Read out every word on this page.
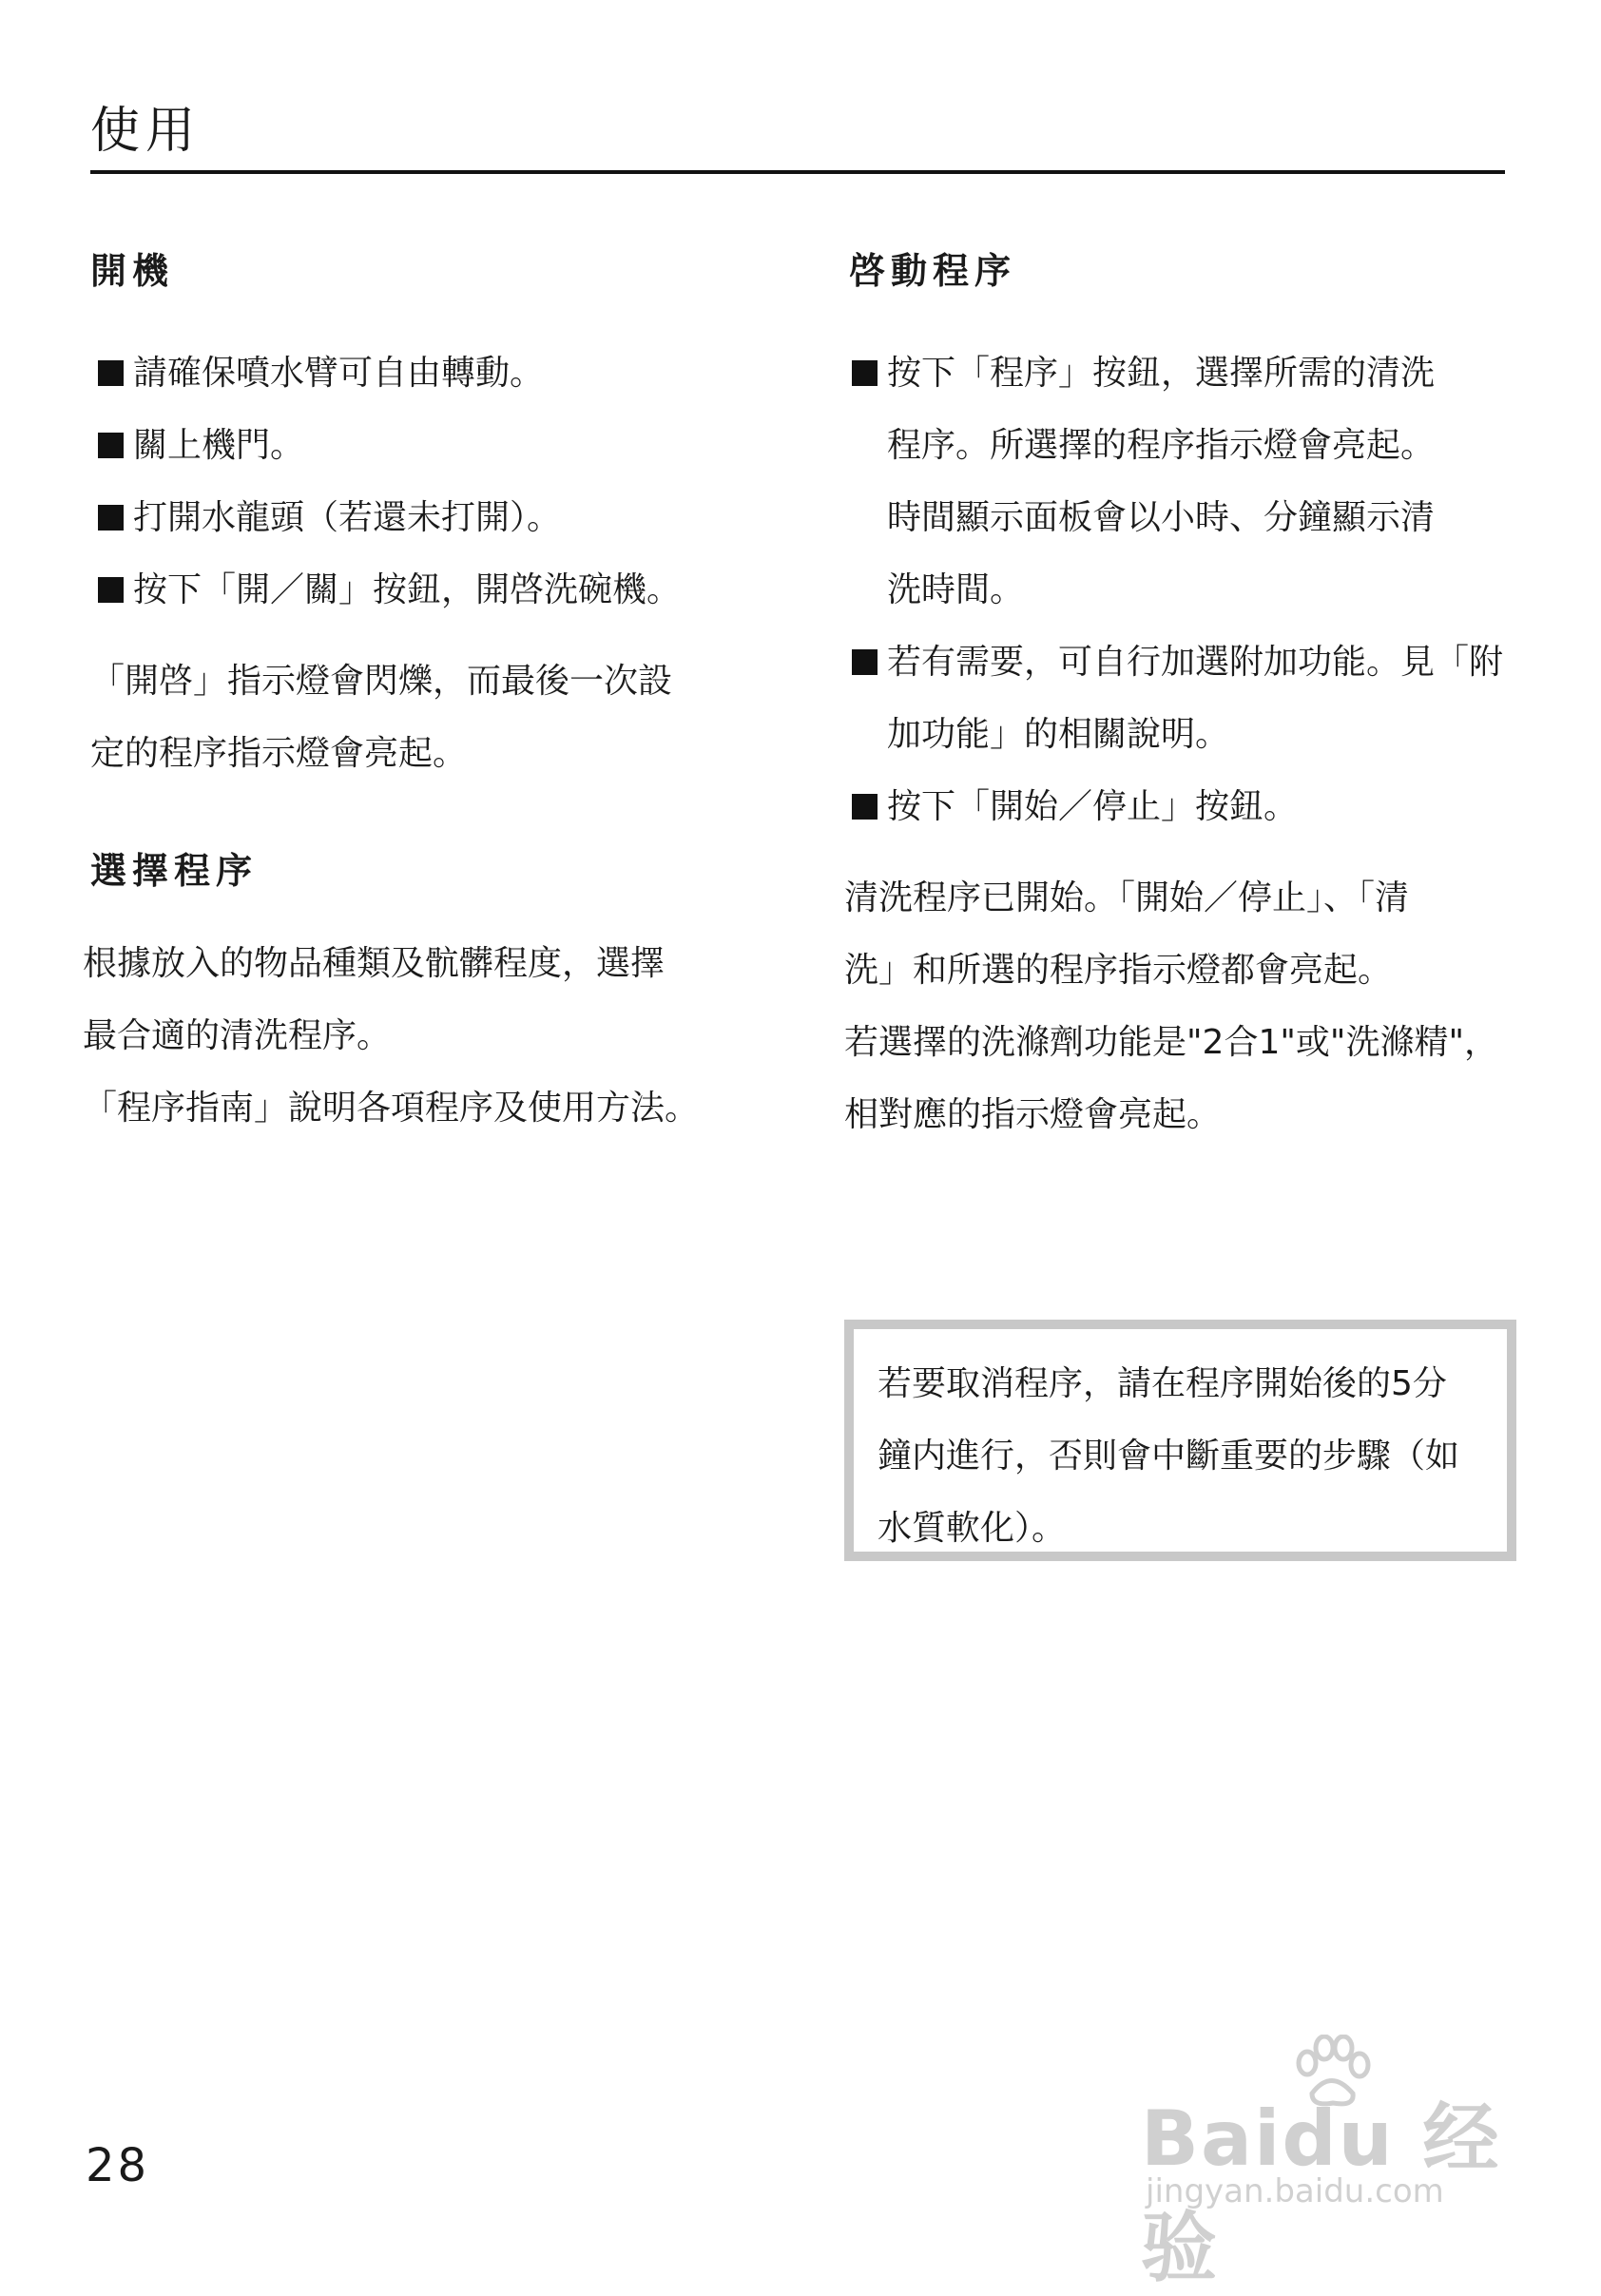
使用
開機
請確保噴水臂可自由轉動。
關上機門。
打開水龍頭（若還未打開）。
按下「開／關」按鈕，開啓洗碗機。
「開啓」指示燈會閃爍，而最後一次設
定的程序指示燈會亮起。
選擇程序
根據放入的物品種類及骯髒程度，選擇
最合適的清洗程序。
「程序指南」說明各項程序及使用方法。
啓動程序
按下「程序」按鈕，選擇所需的清洗
程序。所選擇的程序指示燈會亮起。
時間顯示面板會以小時、分鐘顯示清
洗時間。
若有需要，可自行加選附加功能。見「附
加功能」的相關說明。
按下「開始／停止」按鈕。
清洗程序已開始。「開始／停止」、「清
洗」和所選的程序指示燈都會亮起。
若選擇的洗滌劑功能是"2合1"或"洗滌精"，
相對應的指示燈會亮起。
若要取消程序，請在程序開始後的5分
鐘内進行，否則會中斷重要的步驟（如
水質軟化）。
28	Baidu 经验
jingyan.baidu.com
